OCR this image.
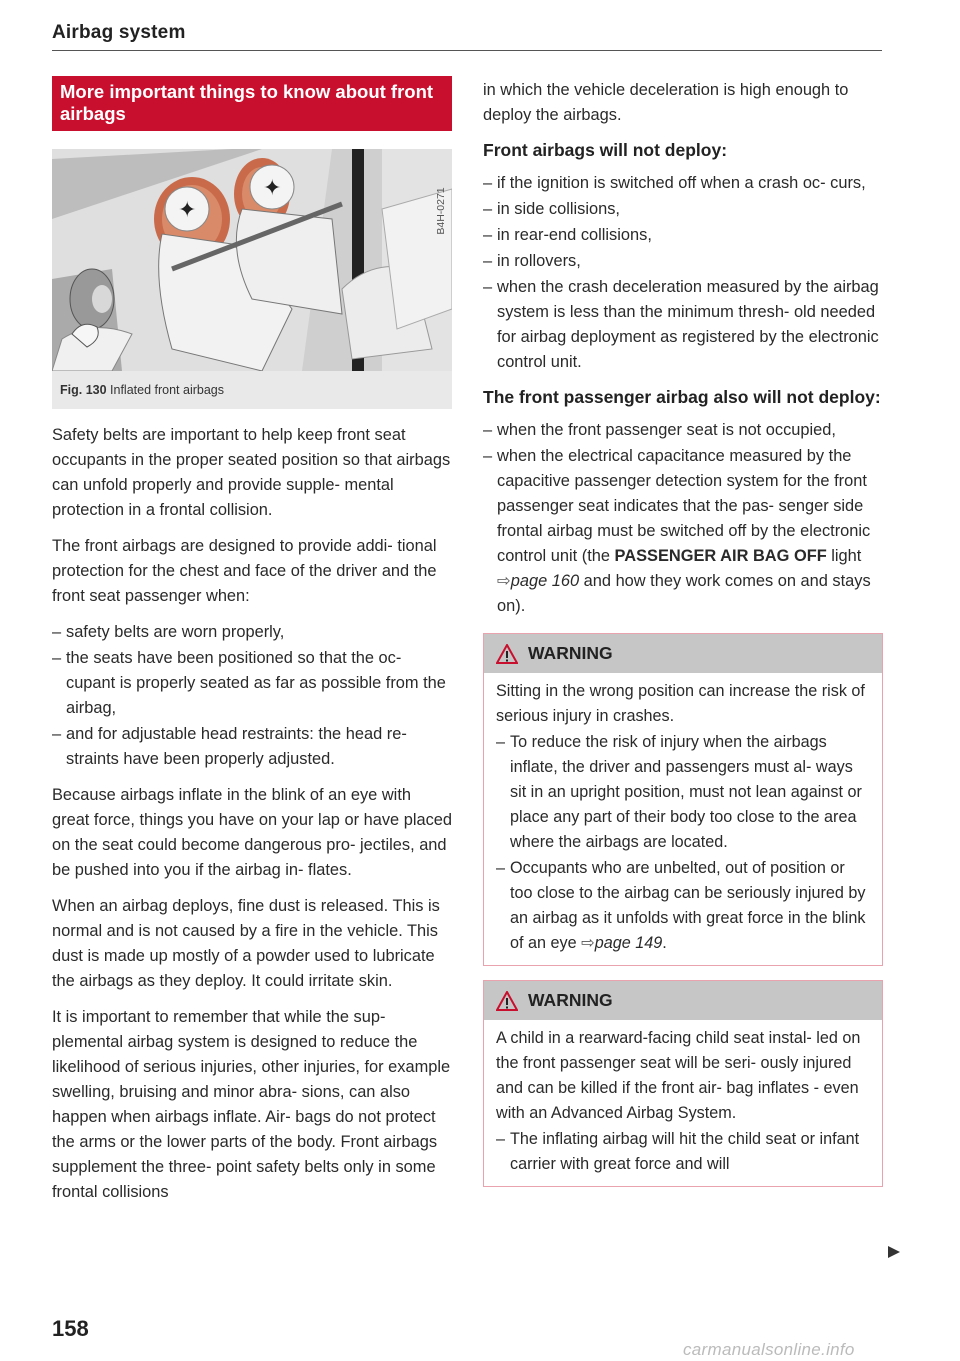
Airbag system
More important things to know about front airbags
✦
✦	B4H-0271
Fig. 130 Inflated front airbags

Safety belts are important to help keep front seat occupants in the proper seated position so that airbags can unfold properly and provide supple- mental protection in a frontal collision.

The front airbags are designed to provide addi- tional protection for the chest and face of the driver and the front seat passenger when:

– safety belts are worn properly,
– the seats have been positioned so that the oc- cupant is properly seated as far as possible from the airbag,
– and for adjustable head restraints: the head re- straints have been properly adjusted.

Because airbags inflate in the blink of an eye with great force, things you have on your lap or have placed on the seat could become dangerous pro- jectiles, and be pushed into you if the airbag in- flates.

When an airbag deploys, fine dust is released. This is normal and is not caused by a fire in the vehicle. This dust is made up mostly of a powder used to lubricate the airbags as they deploy. It could irritate skin.

It is important to remember that while the sup- plemental airbag system is designed to reduce the likelihood of serious injuries, other injuries, for example swelling, bruising and minor abra- sions, can also happen when airbags inflate. Air- bags do not protect the arms or the lower parts of the body. Front airbags supplement the three- point safety belts only in some frontal collisions

in which the vehicle deceleration is high enough to deploy the airbags.

Front airbags will not deploy:
– if the ignition is switched off when a crash oc- curs,
– in side collisions,
– in rear-end collisions,
– in rollovers,
– when the crash deceleration measured by the airbag system is less than the minimum thresh- old needed for airbag deployment as registered by the electronic control unit.
The front passenger airbag also will not deploy:
– when the front passenger seat is not occupied,
– when the electrical capacitance measured by the capacitive passenger detection system for the front passenger seat indicates that the pas- senger side frontal airbag must be switched off by the electronic control unit (the PASSENGER AIR BAG OFF light ⇨page 160 and how they work comes on and stays on).
WARNING

Sitting in the wrong position can increase the risk of serious injury in crashes.

– To reduce the risk of injury when the airbags inflate, the driver and passengers must al- ways sit in an upright position, must not lean against or place any part of their body too close to the area where the airbags are located.
– Occupants who are unbelted, out of position or too close to the airbag can be seriously injured by an airbag as it unfolds with great force in the blink of an eye ⇨page 149.
WARNING

A child in a rearward-facing child seat instal- led on the front passenger seat will be seri- ously injured and can be killed if the front air- bag inflates - even with an Advanced Airbag System.

– The inflating airbag will hit the child seat or infant carrier with great force and will
158
carmanualsonline.info
